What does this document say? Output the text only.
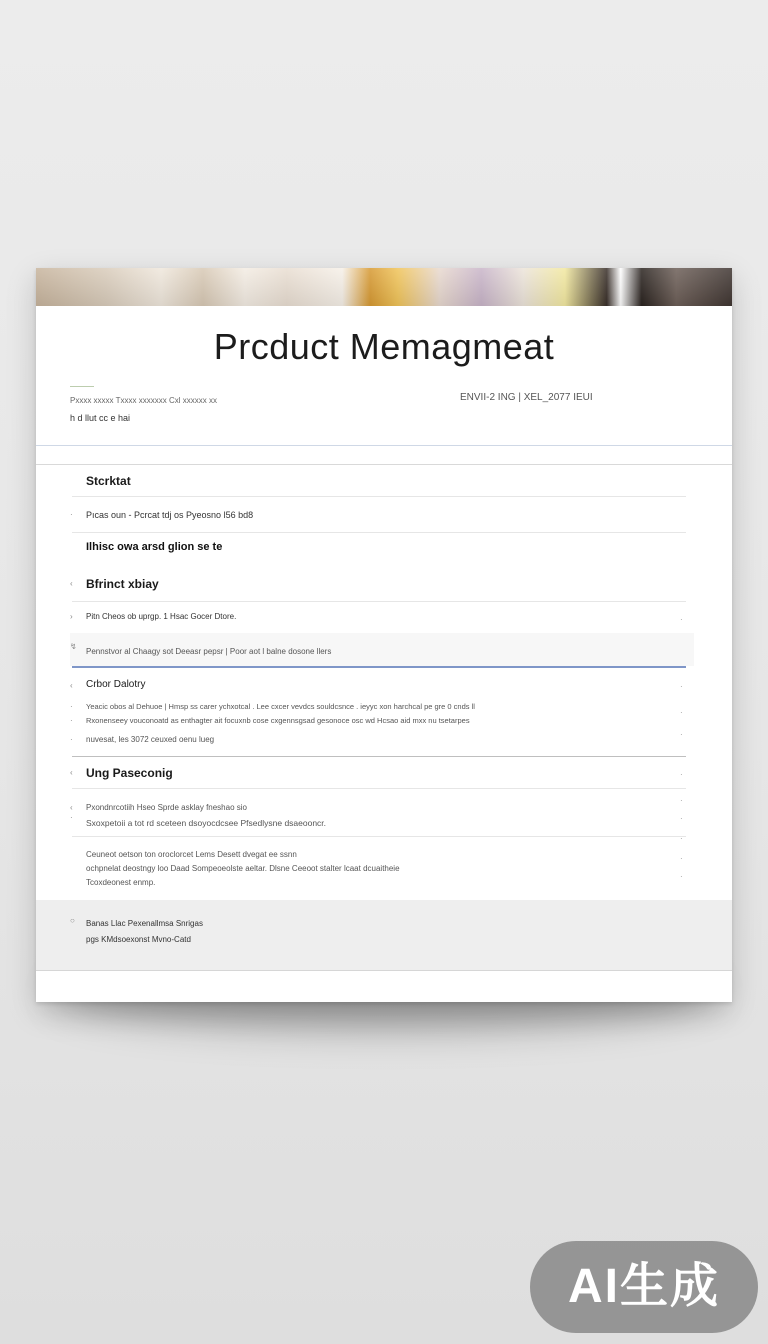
Prcduct Memagmeat
————
Pxxxx xxxxx Txxxx xxxxxxx Cxl xxxxxx xx
h d llut cc e hai
ENVII-2 ING | XEL_2077 IEUI
Stcrktat
· Pıcas oun - Pcrcat tdj os Pyeosno l56 bd8
Ilhisc owa arsd glion se te
‹ Bfrinct xbiay
› Pitn Cheos ob uprgp. 1 Hsac Gocer Dtore.	·
↯
Pennstvor al Chaagy sot Deeasr pepsr | Poor aot l balne dosone llers
‹ Crbor Dalotry	·
Yeacic obos al Dehuoe | Hmsp ss carer ychxotcal . Lee cxcer vevdcs souldcsnce . ieyyc xon harchcal pe gre 0 cnds ll
·
Rxonenseey vouconoatd as enthagter ait focuxnb cose cxgennsgsad gesonoce osc wd Hcsao aid mxx nu tsetarpes
·
·
nuvesat, les 3072 ceuxed oenu lueg
·
·
‹ Ung Paseconig	·
‹ Pxondnrcotiih Hseo Sprde asklay fneshao sio
Sxoxpetoii a tot rd sceteen dsoyocdcsee Pfsedlysne dsaeooncr.
·
·
·
Ceuneot oetson ton oroclorcet Lems Desett dvegat ee ssnn
·
ochpnelat deostngy loo Daad Sompeoeolste aeltar. Dlsne Ceeoot stalter lcaat dcuaitheie
·
Tcoxdeonest enmp.
·
○ Banas Llac Pexenallmsa Snrigas
pgs KMdsoexonst Mvno-Catd
AI生成
